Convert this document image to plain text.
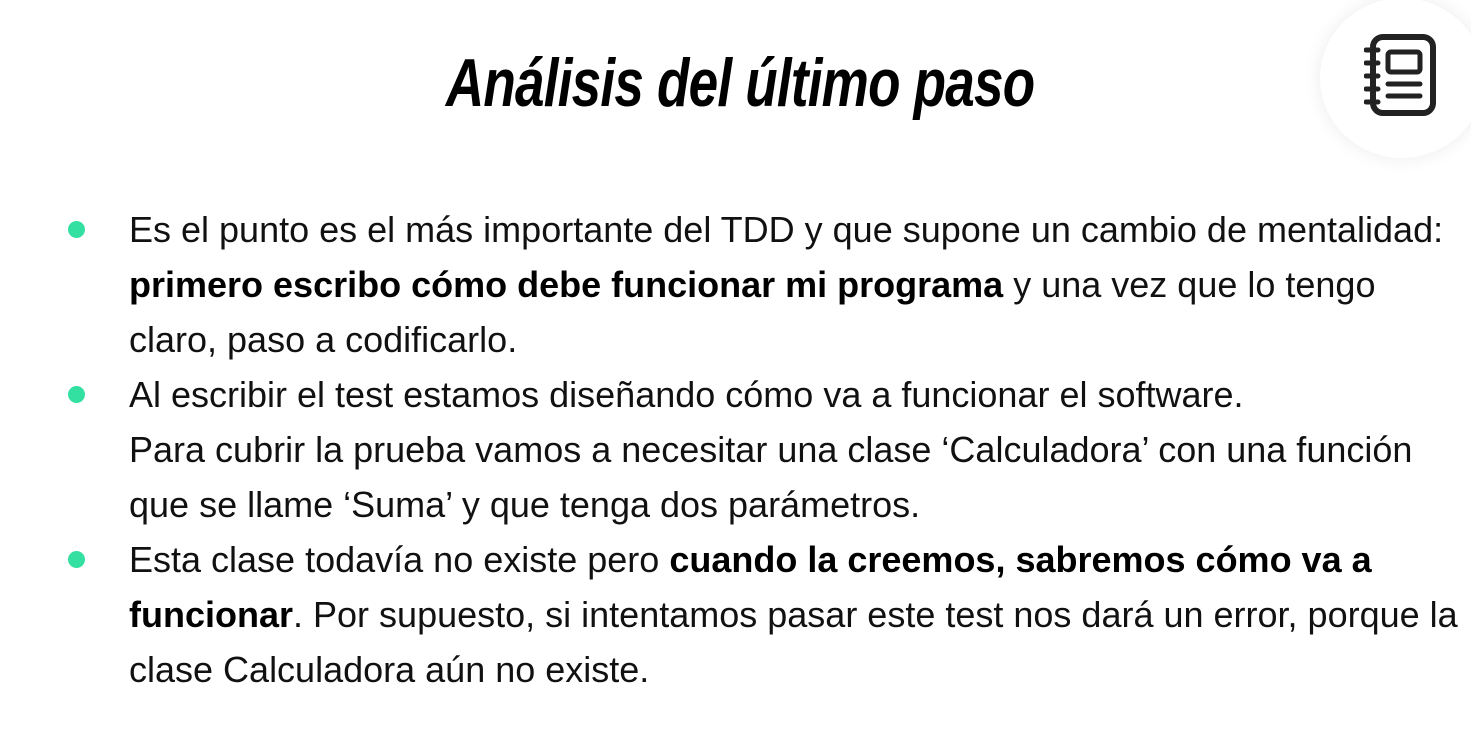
Análisis del último paso
Es el punto es el más importante del TDD y que supone un cambio de mentalidad: primero escribo cómo debe funcionar mi programa y una vez que lo tengo claro, paso a codificarlo.
Al escribir el test estamos diseñando cómo va a funcionar el software.
Para cubrir la prueba vamos a necesitar una clase ‘Calculadora’ con una función que se llame ‘Suma’ y que tenga dos parámetros.
Esta clase todavía no existe pero cuando la creemos, sabremos cómo va a funcionar. Por supuesto, si intentamos pasar este test nos dará un error, porque la clase Calculadora aún no existe.
